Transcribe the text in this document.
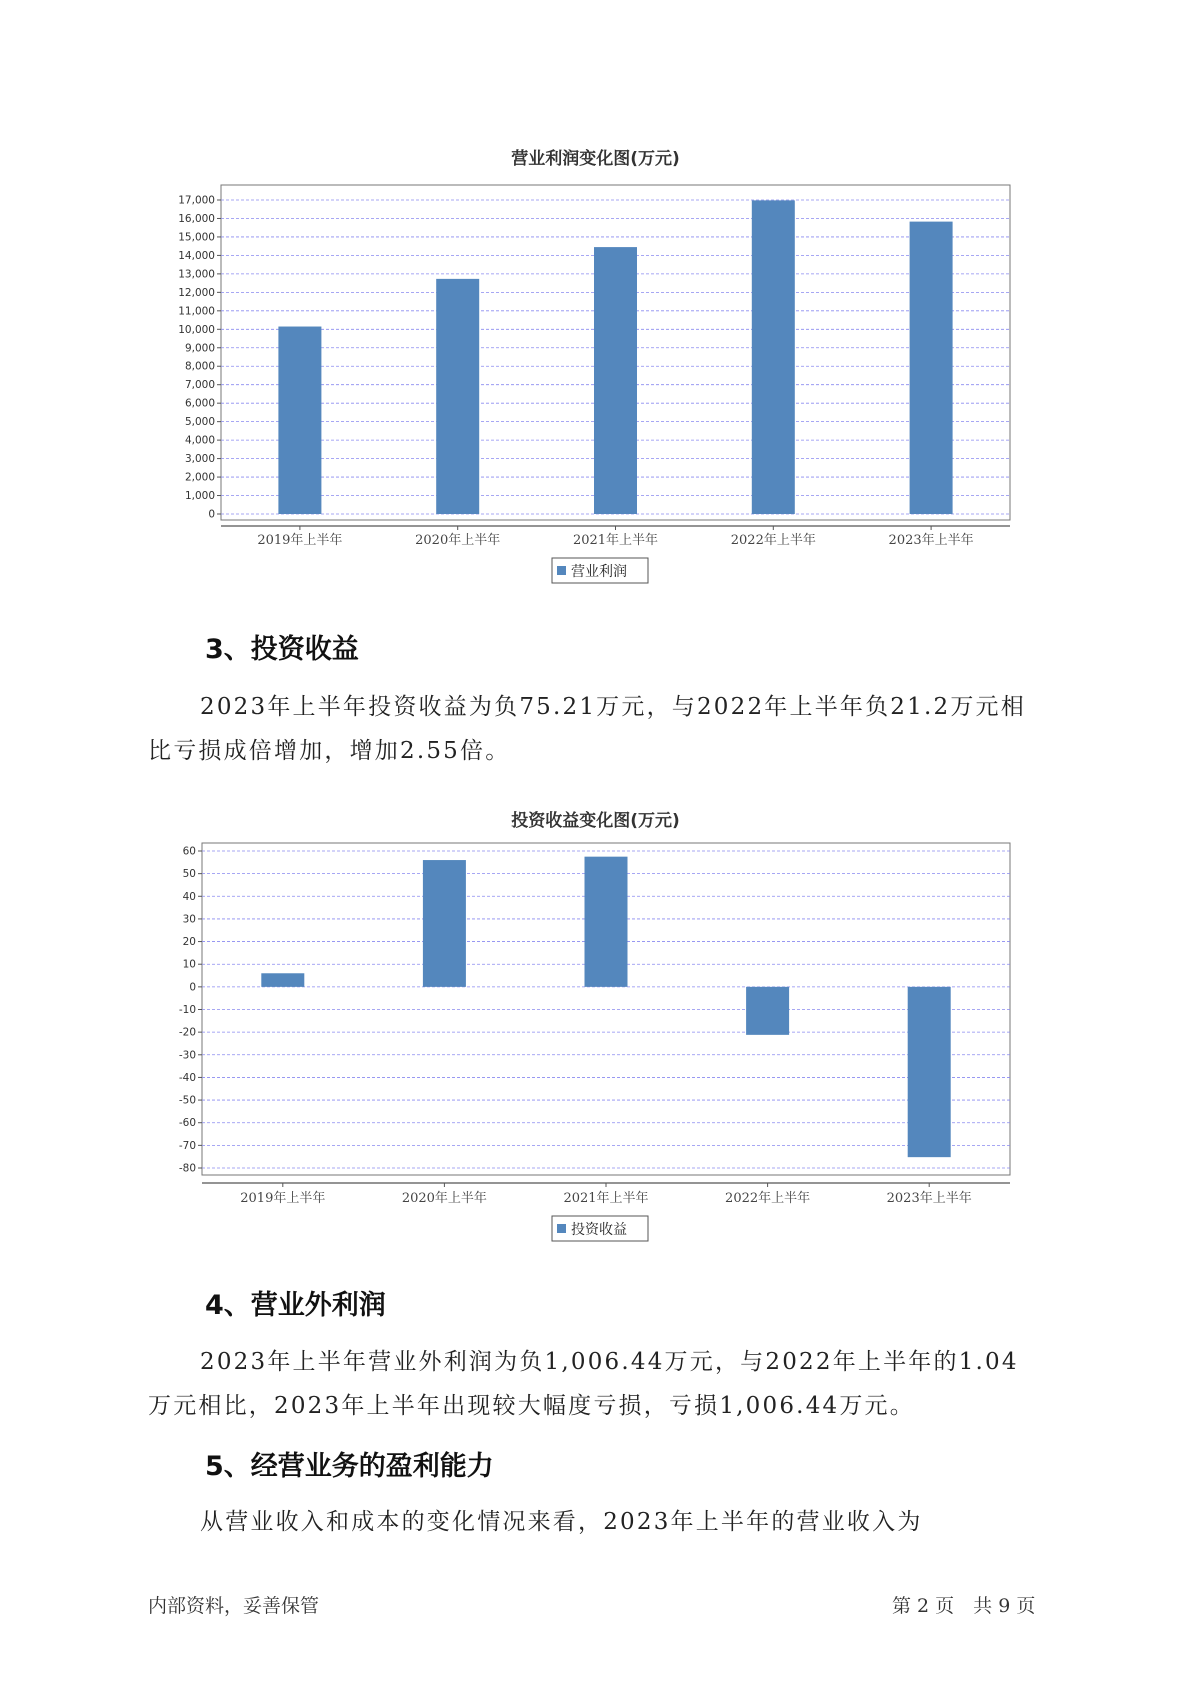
营业利润变化图(万元)
0
1,000
2,000
3,000
4,000
5,000
6,000
7,000
8,000
9,000
10,000
11,000
12,000
13,000
14,000
15,000
16,000
17,000
2019年上半年	2020年上半年	2021年上半年	2022年上半年	2023年上半年
营业利润
3、投资收益

2023年上半年投资收益为负75.21万元，与2022年上半年负21.2万元相
比亏损成倍增加，增加2.55倍。

投资收益变化图(万元)
60
50
40
30
20
10
0
-10
-20
-30
-40
-50
-60
-70
-80
2019年上半年	2020年上半年	2021年上半年	2022年上半年	2023年上半年
投资收益
4、营业外利润

2023年上半年营业外利润为负1,006.44万元，与2022年上半年的1.04
万元相比，2023年上半年出现较大幅度亏损，亏损1,006.44万元。

5、经营业务的盈利能力

从营业收入和成本的变化情况来看，2023年上半年的营业收入为

内部资料，妥善保管	第 2 页　共 9 页
